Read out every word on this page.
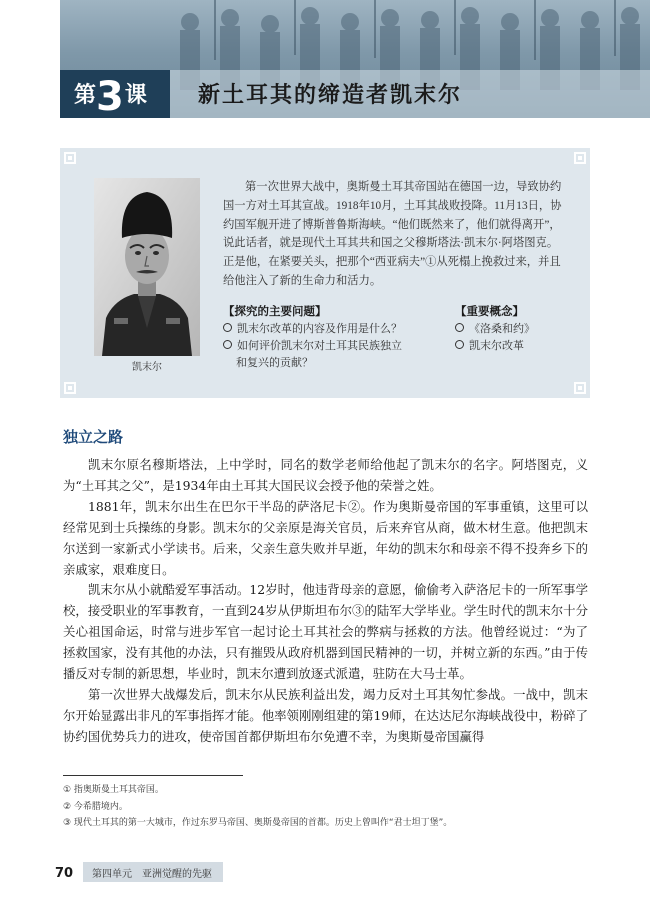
第3课 新土耳其的缔造者凯末尔
凯末尔

第一次世界大战中，奥斯曼土耳其帝国站在德国一边，导致协约国一方对土耳其宣战。1918年10月，土耳其战败投降。11月13日，协约国军舰开进了博斯普鲁斯海峡。“他们既然来了，他们就得离开”，说此话者，就是现代土耳其共和国之父穆斯塔法·凯末尔·阿塔图克。正是他，在紧要关头，把那个“西亚病夫”①从死榻上挽救过来，并且给他注入了新的生命力和活力。

【探究的主要问题】
凯末尔改革的内容及作用是什么？
如何评价凯末尔对土耳其民族独立
和复兴的贡献？
【重要概念】
《洛桑和约》
凯末尔改革
独立之路

凯末尔原名穆斯塔法，上中学时，同名的数学老师给他起了凯末尔的名字。阿塔图克，义为“土耳其之父”，是1934年由土耳其大国民议会授予他的荣誉之姓。

1881年，凯末尔出生在巴尔干半岛的萨洛尼卡②。作为奥斯曼帝国的军事重镇，这里可以经常见到士兵操练的身影。凯末尔的父亲原是海关官员，后来弃官从商，做木材生意。他把凯末尔送到一家新式小学读书。后来，父亲生意失败并早逝，年幼的凯末尔和母亲不得不投奔乡下的亲戚家，艰难度日。

凯末尔从小就酷爱军事活动。12岁时，他违背母亲的意愿，偷偷考入萨洛尼卡的一所军事学校，接受职业的军事教育，一直到24岁从伊斯坦布尔③的陆军大学毕业。学生时代的凯末尔十分关心祖国命运，时常与进步军官一起讨论土耳其社会的弊病与拯救的方法。他曾经说过：“为了拯救国家，没有其他的办法，只有摧毁从政府机器到国民精神的一切，并树立新的东西。”由于传播反对专制的新思想，毕业时，凯末尔遭到放逐式派遣，驻防在大马士革。

第一次世界大战爆发后，凯末尔从民族利益出发，竭力反对土耳其匆忙参战。一战中，凯末尔开始显露出非凡的军事指挥才能。他率领刚刚组建的第19师，在达达尼尔海峡战役中，粉碎了协约国优势兵力的进攻，使帝国首都伊斯坦布尔免遭不幸，为奥斯曼帝国赢得

① 指奥斯曼土耳其帝国。
② 今希腊境内。
③ 现代土耳其的第一大城市，作过东罗马帝国、奥斯曼帝国的首都。历史上曾叫作“君士坦丁堡”。
70 第四单元　亚洲觉醒的先驱
